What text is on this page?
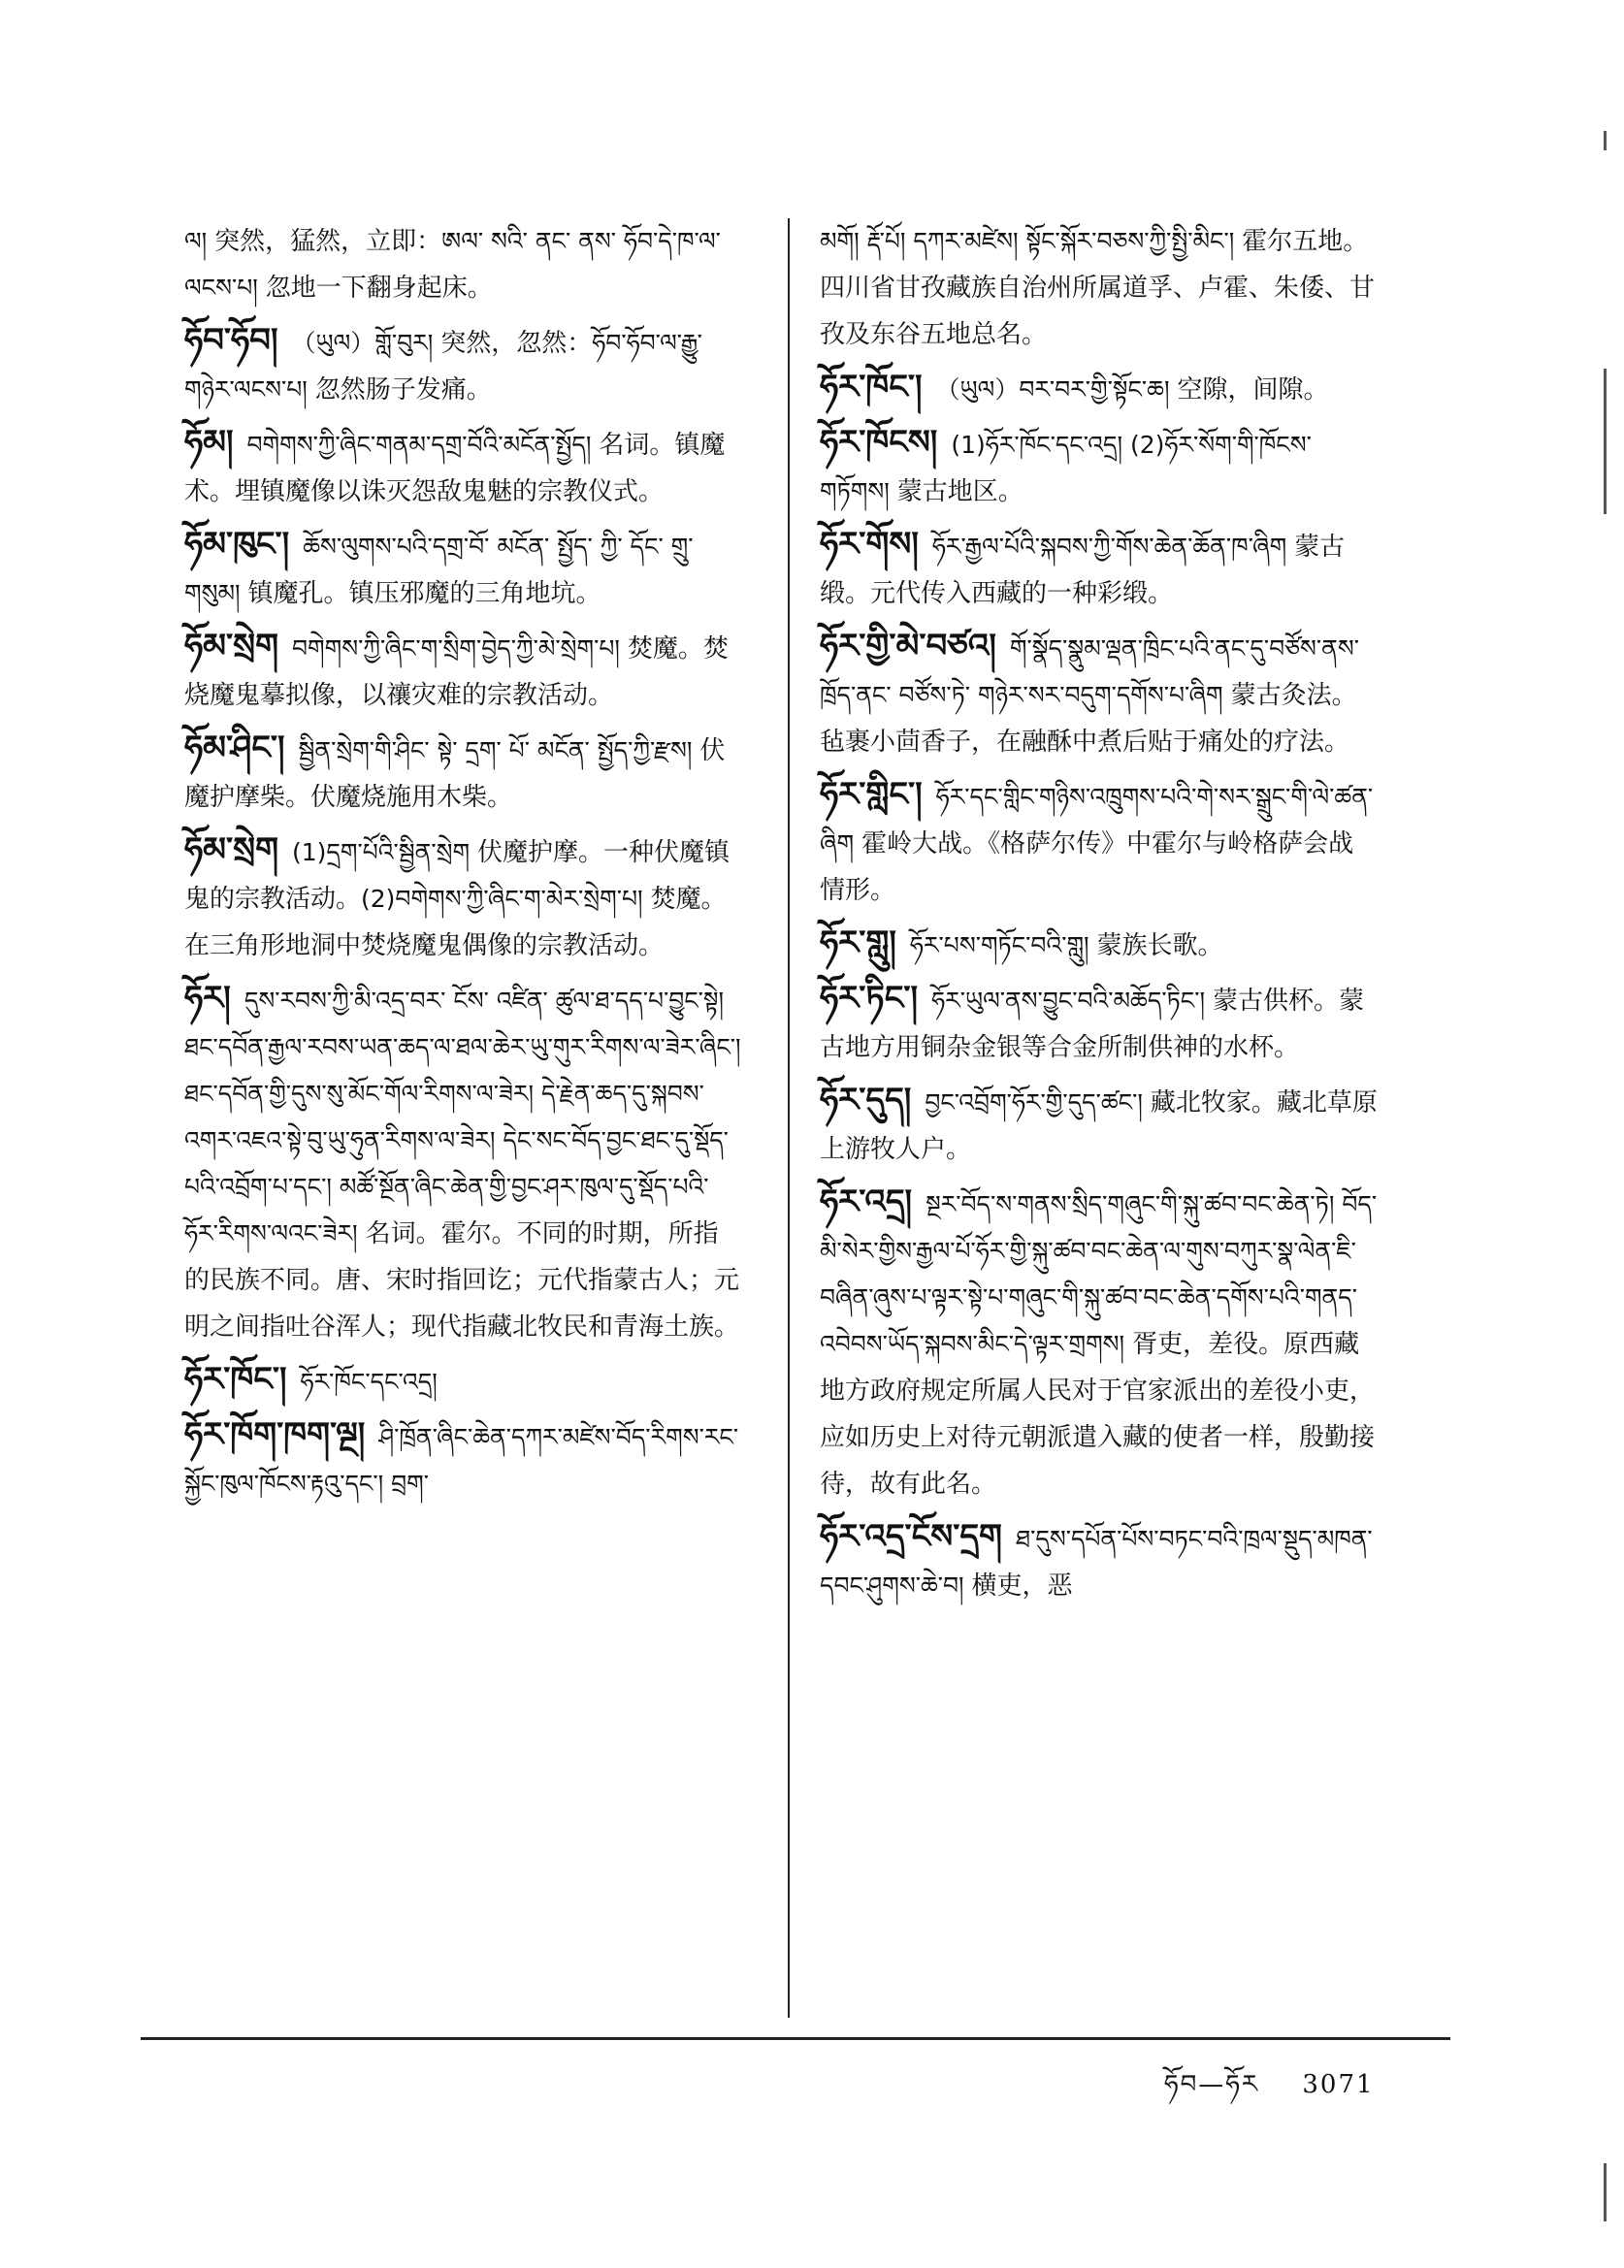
ལ། 突然，猛然，立即：ཨལ་ སའི་ ནང་ ནས་ ཧོབ་དེ་ཁ་ལ་ལངས་པ། 忽地一下翻身起床。
ཧོབ་ཧོབ། （ཡུལ）གློ་བུར། 突然，忽然：ཧོབ་ཧོབ་ལ་རྒྱུ་གཉེར་ལངས་པ། 忽然肠子发痛。
ཧོམ། བགེགས་ཀྱི་ཞིང་གནམ་དགྲ་བོའི་མངོན་སྤྱོད། 名词。镇魔术。埋镇魔像以诛灭怨敌鬼魅的宗教仪式。
ཧོམ་ཁུང་། ཆོས་ལུགས་པའི་དགྲ་བོ་ མངོན་ སྤྱོད་ ཀྱི་ དོང་ གྲུ་ གསུམ། 镇魔孔。镇压邪魔的三角地坑。
ཧོམ་སྲེག བགེགས་ཀྱི་ཞིང་ག་སྲིག་བྱེད་ཀྱི་མེ་སྲེག་པ། 焚魔。焚烧魔鬼摹拟像，以禳灾难的宗教活动。
ཧོམ་ཤིང་། སྦྱིན་སྲེག་གི་ཤིང་ སྟེ་ དྲག་ པོ་ མངོན་ སྤྱོད་ཀྱི་རྫས། 伏魔护摩柴。伏魔烧施用木柴。
ཧོམ་སྲེག (1)དྲག་པོའི་སྦྱིན་སྲེག 伏魔护摩。一种伏魔镇鬼的宗教活动。(2)བགེགས་ཀྱི་ཞིང་ག་མེར་སྲེག་པ། 焚魔。在三角形地洞中焚烧魔鬼偶像的宗教活动。
ཧོར། དུས་རབས་ཀྱི་མི་འདྲ་བར་ ངོས་ འཛིན་ ཚུལ་ཐ་དད་པ་བྱུང་སྟེ། ཐང་དབོན་རྒྱལ་རབས་ཡན་ཆད་ལ་ཐལ་ཆེར་ཡུ་གུར་རིགས་ལ་ཟེར་ཞིང་། ཐང་དབོན་གྱི་དུས་སུ་མོང་གོལ་རིགས་ལ་ཟེར། དེ་རྗེན་ཆད་དུ་སྐབས་འགར་འཇའ་སྟེ་བུ་ཡུ་ཧུན་རིགས་ལ་ཟེར། དེང་སང་བོད་བྱང་ཐང་དུ་སྡོད་པའི་འབྲོག་པ་དང་། མཚོ་སྔོན་ཞིང་ཆེན་གྱི་བྱང་ཤར་ཁུལ་དུ་སྡོད་པའི་ཧོར་རིགས་ལའང་ཟེར། 名词。霍尔。不同的时期，所指的民族不同。唐、宋时指回讫；元代指蒙古人；元明之间指吐谷浑人；现代指藏北牧民和青海土族。
ཧོར་ཁོང་། ཧོར་ཁོང་དང་འདྲ།
ཧོར་ཁོག་ཁག་ལྔ། ཤི་ཁྲོན་ཞིང་ཆེན་དཀར་མཛེས་བོད་རིགས་རང་སྐྱོང་ཁུལ་ཁོངས་རྟའུ་དང་། བྲག་
མགོ། རྡོ་པོ། དཀར་མཛེས། སྟོང་སྐོར་བཅས་ཀྱི་སྤྱི་མིང་། 霍尔五地。四川省甘孜藏族自治州所属道孚、卢霍、朱倭、甘孜及东谷五地总名。
ཧོར་ཁོང་། （ཡུལ）བར་བར་གྱི་སྟོང་ཆ། 空隙，间隙。
ཧོར་ཁོངས། (1)ཧོར་ཁོང་དང་འདྲ། (2)ཧོར་སོག་གི་ཁོངས་གཏོགས། 蒙古地区。
ཧོར་གོས། ཧོར་རྒྱལ་པོའི་སྐབས་ཀྱི་གོས་ཆེན་ཆོན་ཁ་ཞིག 蒙古缎。元代传入西藏的一种彩缎。
ཧོར་གྱི་མེ་བཙའ། གོ་སྣོད་སྣུམ་ལྡན་ཁྲིང་པའི་ནང་དུ་བཙོས་ནས་ཁྲོད་ནང་ བཙོས་ཏེ་ གཉེར་སར་བདུག་དགོས་པ་ཞིག 蒙古灸法。毡裹小茴香子，在融酥中煮后贴于痛处的疗法。
ཧོར་གླིང་། ཧོར་དང་གླིང་གཉིས་འཁྲུགས་པའི་གེ་སར་སྒྲུང་གི་ལེ་ཚན་ཞིག 霍岭大战。《格萨尔传》中霍尔与岭格萨会战情形。
ཧོར་གླུ། ཧོར་པས་གཏོང་བའི་གླུ། 蒙族长歌。
ཧོར་ཏིང་། ཧོར་ཡུལ་ནས་བྱུང་བའི་མཆོད་ཏིང་། 蒙古供杯。蒙古地方用铜杂金银等合金所制供神的水杯。
ཧོར་དུད། བྱང་འབྲོག་ཧོར་གྱི་དུད་ཚང་། 藏北牧家。藏北草原上游牧人户。
ཧོར་འདྲ། སྔར་བོད་ས་གནས་སྲིད་གཞུང་གི་སྐུ་ཚབ་བང་ཆེན་ཏེ། བོད་མི་སེར་གྱིས་རྒྱལ་པོ་ཧོར་གྱི་སྐུ་ཚབ་བང་ཆེན་ལ་གུས་བཀུར་སྣ་ལེན་ཇི་བཞིན་ཞུས་པ་ལྟར་སྟེ་པ་གཞུང་གི་སྐུ་ཚབ་བང་ཆེན་དགོས་པའི་གནད་འབེབས་ཡོད་སྐབས་མིང་དེ་ལྟར་གྲགས། 胥吏，差役。原西藏地方政府规定所属人民对于官家派出的差役小吏，应如历史上对待元朝派遣入藏的使者一样，殷勤接待，故有此名。
ཧོར་འདྲ་ངོས་དྲག ཐ་དུས་དཔོན་པོས་བཏང་བའི་ཁྲལ་སྡུད་མཁན་དབང་ཤུགས་ཆེ་བ། 横吏，恶
ཧོབ—ཧོར 3071
